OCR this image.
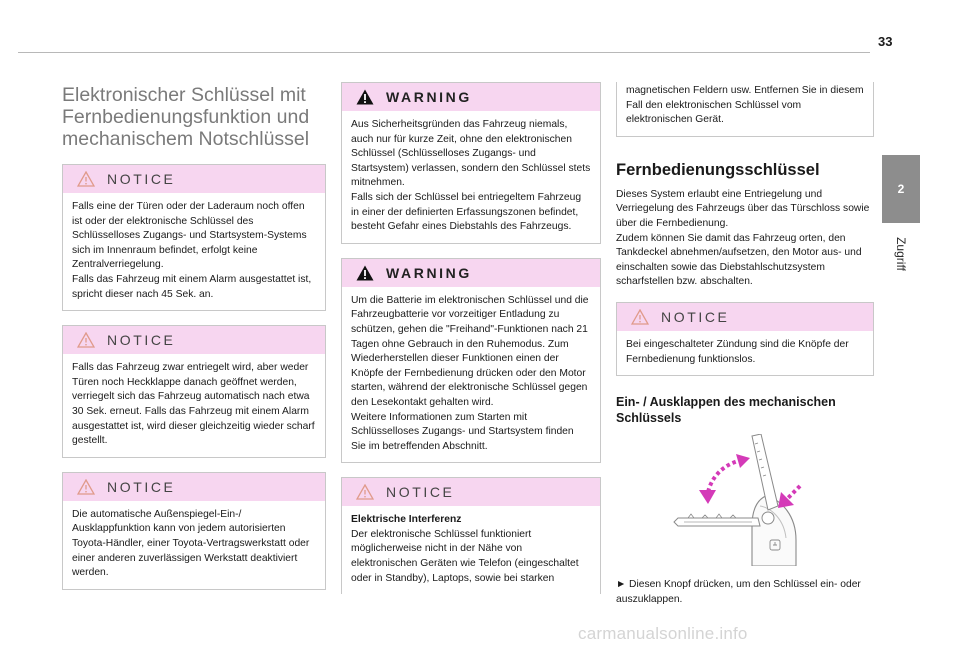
33
2
Zugriff
Elektronischer Schlüssel mit Fernbedienungsfunktion und mechanischem Notschlüssel
NOTICE

Falls eine der Türen oder der Laderaum noch offen ist oder der elektronische Schlüssel des Schlüsselloses Zugangs- und Startsystem-Systems sich im Innenraum befindet, erfolgt keine Zentralverriegelung.

Falls das Fahrzeug mit einem Alarm ausgestattet ist, spricht dieser nach 45 Sek. an.

NOTICE

Falls das Fahrzeug zwar entriegelt wird, aber weder Türen noch Heckklappe danach geöffnet werden, verriegelt sich das Fahrzeug automatisch nach etwa 30 Sek. erneut. Falls das Fahrzeug mit einem Alarm ausgestattet ist, wird dieser gleichzeitig wieder scharf gestellt.

NOTICE

Die automatische Außenspiegel-Ein-/ Ausklappfunktion kann von jedem autorisierten Toyota-Händler, einer Toyota-Vertragswerkstatt oder einer anderen zuverlässigen Werkstatt deaktiviert werden.

WARNING

Aus Sicherheitsgründen das Fahrzeug niemals, auch nur für kurze Zeit, ohne den elektronischen Schlüssel (Schlüsselloses Zugangs- und Startsystem) verlassen, sondern den Schlüssel stets mitnehmen.

Falls sich der Schlüssel bei entriegeltem Fahrzeug in einer der definierten Erfassungszonen befindet, besteht Gefahr eines Diebstahls des Fahrzeugs.

WARNING

Um die Batterie im elektronischen Schlüssel und die Fahrzeugbatterie vor vorzeitiger Entladung zu schützen, gehen die "Freihand"-Funktionen nach 21 Tagen ohne Gebrauch in den Ruhemodus. Zum Wiederherstellen dieser Funktionen einen der Knöpfe der Fernbedienung drücken oder den Motor starten, während der elektronische Schlüssel gegen den Lesekontakt gehalten wird.

Weitere Informationen zum Starten mit Schlüsselloses Zugangs- und Startsystem finden Sie im betreffenden Abschnitt.

NOTICE

Elektrische Interferenz

Der elektronische Schlüssel funktioniert möglicherweise nicht in der Nähe von elektronischen Geräten wie Telefon (eingeschaltet oder in Standby), Laptops, sowie bei starken

magnetischen Feldern usw. Entfernen Sie in diesem Fall den elektronischen Schlüssel vom elektronischen Gerät.

Fernbedienungsschlüssel

Dieses System erlaubt eine Entriegelung und Verriegelung des Fahrzeugs über das Türschloss sowie über die Fernbedienung.

Zudem können Sie damit das Fahrzeug orten, den Tankdeckel abnehmen/aufsetzen, den Motor aus- und einschalten sowie das Diebstahlschutzsystem scharfstellen bzw. abschalten.

NOTICE

Bei eingeschalteter Zündung sind die Knöpfe der Fernbedienung funktionslos.

Ein- / Ausklappen des mechanischen Schlüssels

► Diesen Knopf drücken, um den Schlüssel ein- oder auszuklappen.

carmanualsonline.info
